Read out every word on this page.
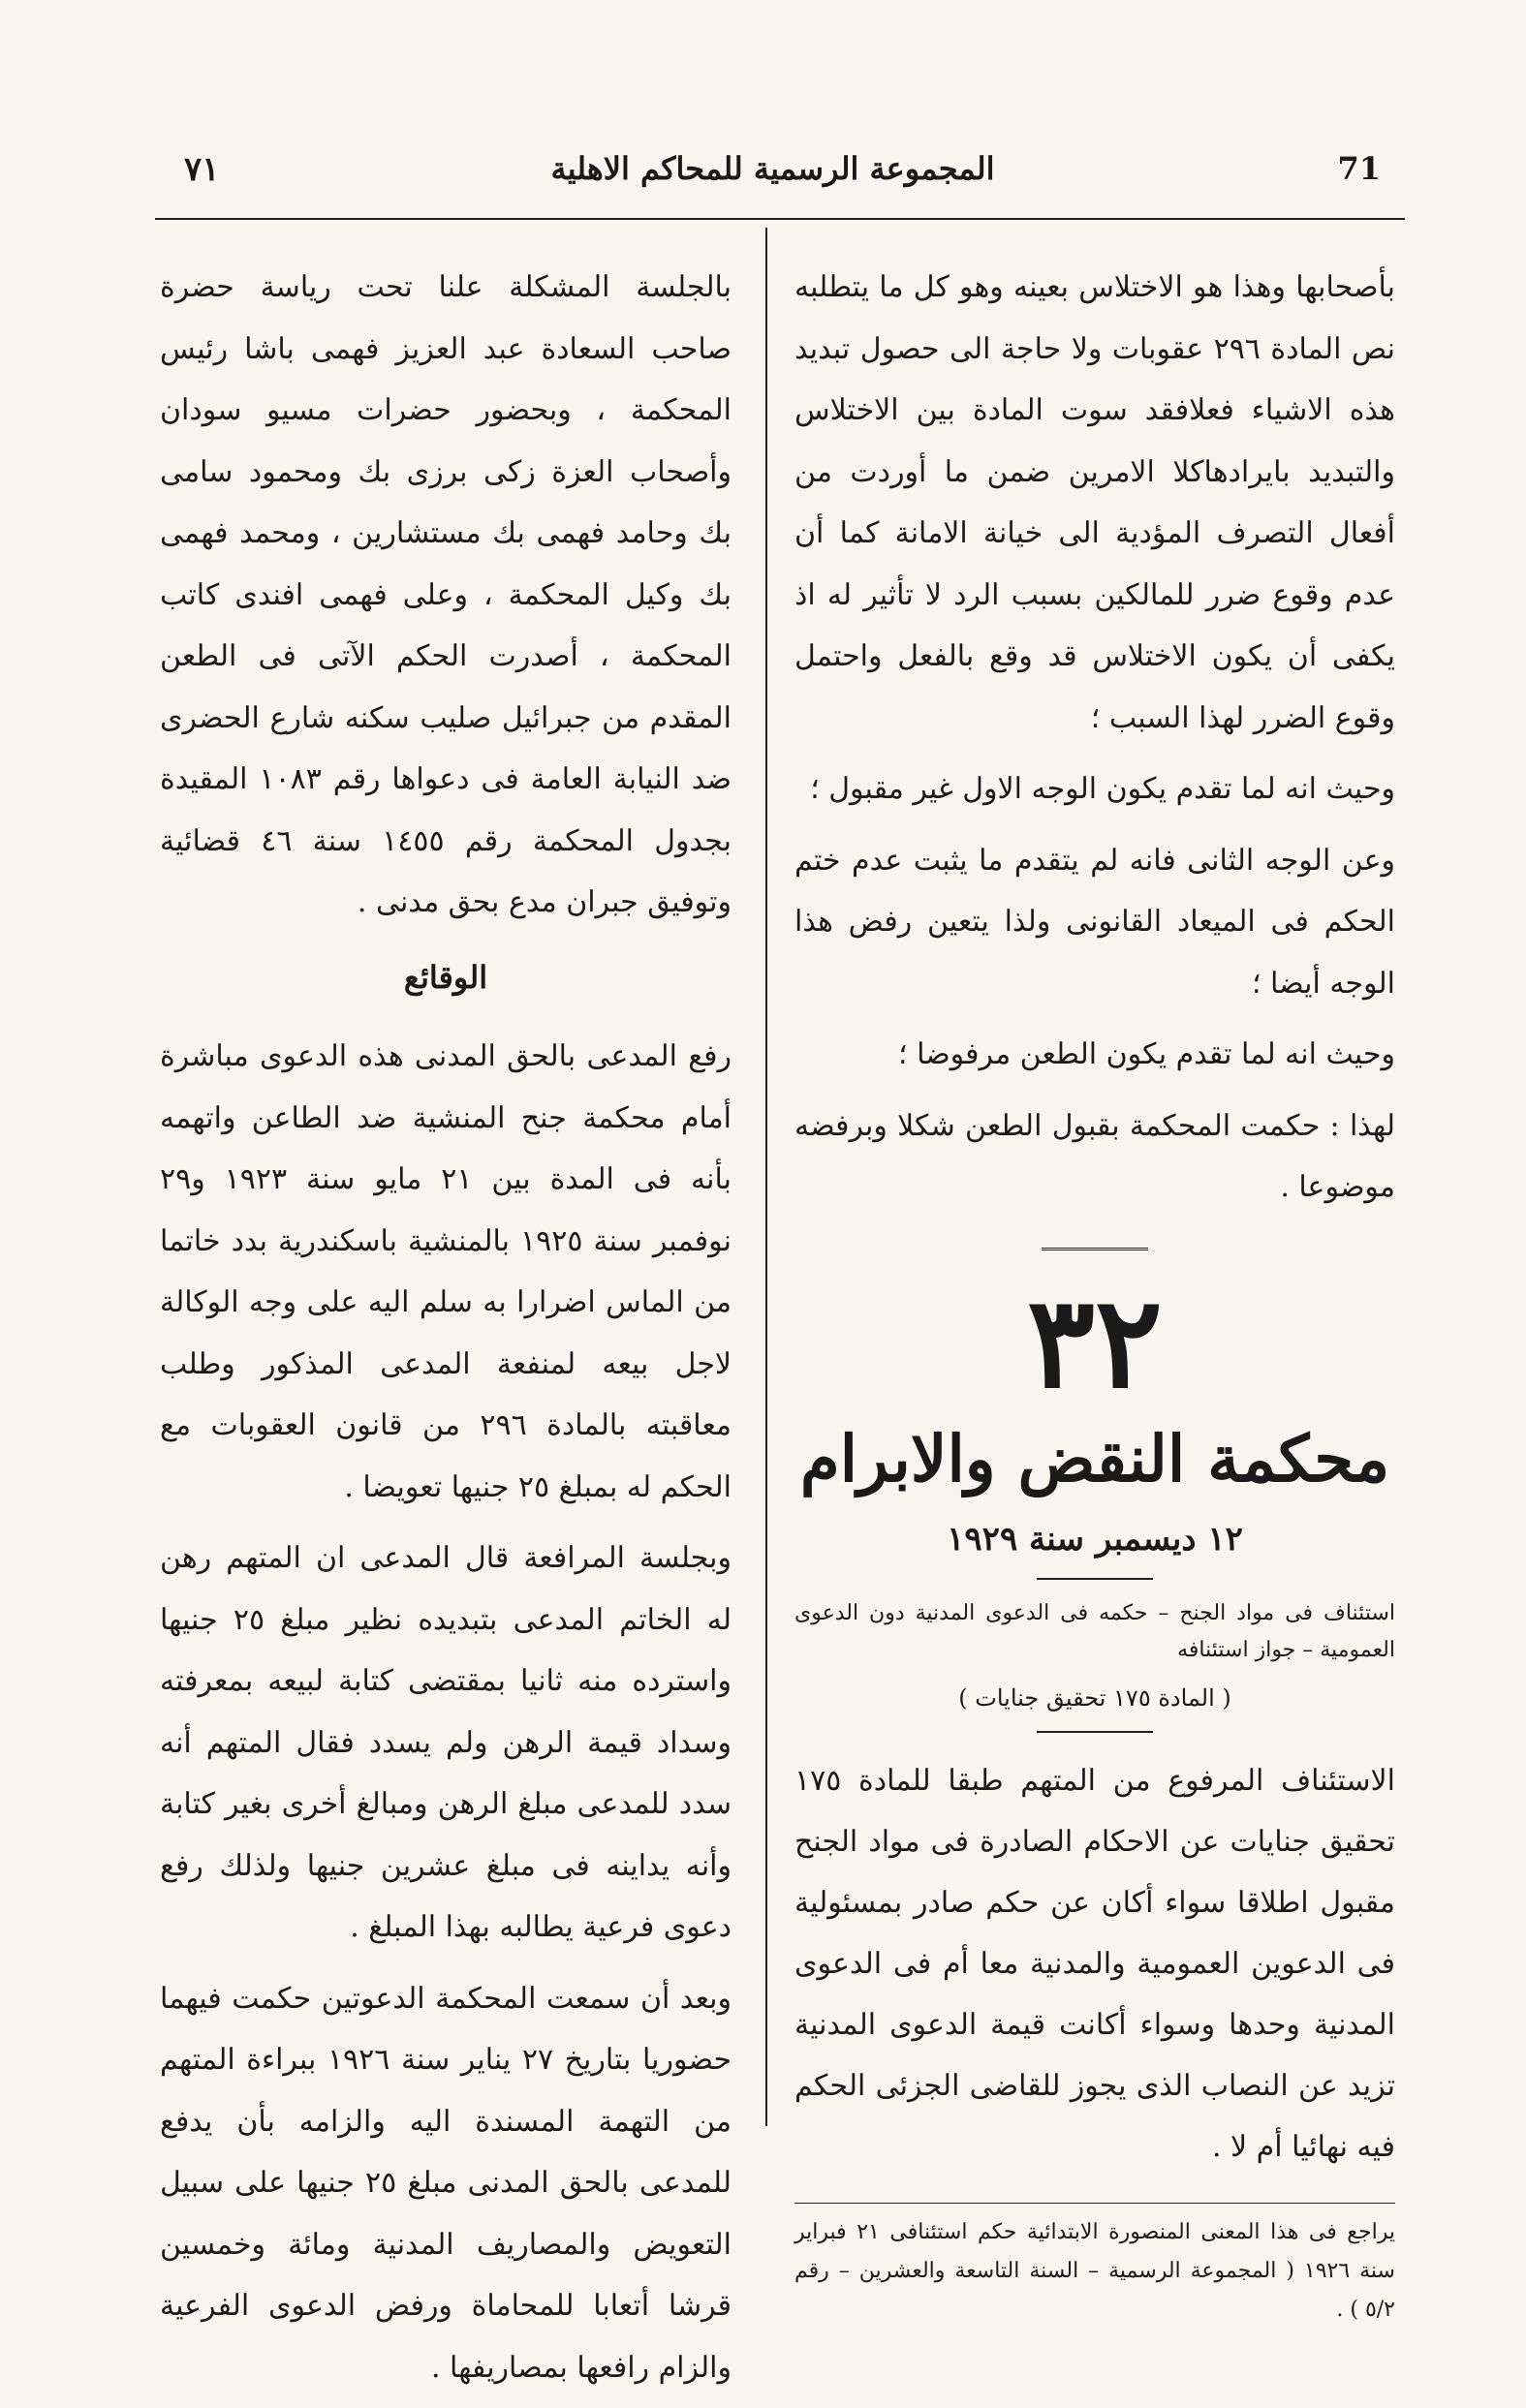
٧١	المجموعة الرسمية للمحاكم الاهلية	71

بأصحابها وهذا هو الاختلاس بعينه وهو كل ما يتطلبه نص المادة ٢٩٦ عقوبات ولا حاجة الى حصول تبديد هذه الاشياء فعلافقد سوت المادة بين الاختلاس والتبديد بايرادهاكلا الامرين ضمن ما أوردت من أفعال التصرف المؤدية الى خيانة الامانة كما أن عدم وقوع ضرر للمالكين بسبب الرد لا تأثير له اذ يكفى أن يكون الاختلاس قد وقع بالفعل واحتمل وقوع الضرر لهذا السبب ؛

وحيث انه لما تقدم يكون الوجه الاول غير مقبول ؛

وعن الوجه الثانى فانه لم يتقدم ما يثبت عدم ختم الحكم فى الميعاد القانونى ولذا يتعين رفض هذا الوجه أيضا ؛

وحيث انه لما تقدم يكون الطعن مرفوضا ؛

لهذا : حكمت المحكمة بقبول الطعن شكلا وبرفضه موضوعا .

٣٢
محكمة النقض والابرام
١٢ ديسمبر سنة ١٩٢٩
استئناف فى مواد الجنح – حكمه فى الدعوى المدنية دون الدعوى العمومية – جواز استئنافه
( المادة ١٧٥ تحقيق جنايات )

الاستئناف المرفوع من المتهم طبقا للمادة ١٧٥ تحقيق جنايات عن الاحكام الصادرة فى مواد الجنح مقبول اطلاقا سواء أكان عن حكم صادر بمسئولية فى الدعوين العمومية والمدنية معا أم فى الدعوى المدنية وحدها وسواء أكانت قيمة الدعوى المدنية تزيد عن النصاب الذى يجوز للقاضى الجزئى الحكم فيه نهائيا أم لا .

يراجع فى هذا المعنى المنصورة الابتدائية حكم استئنافى ٢١ فبراير سنة ١٩٢٦ ( المجموعة الرسمية – السنة التاسعة والعشرين – رقم ٥/٢ ) .

بالجلسة المشكلة علنا تحت رياسة حضرة صاحب السعادة عبد العزيز فهمى باشا رئيس المحكمة ، وبحضور حضرات مسيو سودان وأصحاب العزة زكى برزى بك ومحمود سامى بك وحامد فهمى بك مستشارين ، ومحمد فهمى بك وكيل المحكمة ، وعلى فهمى افندى كاتب المحكمة ، أصدرت الحكم الآتى فى الطعن المقدم من جبرائيل صليب سكنه شارع الحضرى ضد النيابة العامة فى دعواها رقم ١٠٨٣ المقيدة بجدول المحكمة رقم ١٤٥٥ سنة ٤٦ قضائية وتوفيق جبران مدع بحق مدنى .

الوقائع

رفع المدعى بالحق المدنى هذه الدعوى مباشرة أمام محكمة جنح المنشية ضد الطاعن واتهمه بأنه فى المدة بين ٢١ مايو سنة ١٩٢٣ و٢٩ نوفمبر سنة ١٩٢٥ بالمنشية باسكندرية بدد خاتما من الماس اضرارا به سلم اليه على وجه الوكالة لاجل بيعه لمنفعة المدعى المذكور وطلب معاقبته بالمادة ٢٩٦ من قانون العقوبات مع الحكم له بمبلغ ٢٥ جنيها تعويضا .

وبجلسة المرافعة قال المدعى ان المتهم رهن له الخاتم المدعى بتبديده نظير مبلغ ٢٥ جنيها واسترده منه ثانيا بمقتضى كتابة لبيعه بمعرفته وسداد قيمة الرهن ولم يسدد فقال المتهم أنه سدد للمدعى مبلغ الرهن ومبالغ أخرى بغير كتابة وأنه يداينه فى مبلغ عشرين جنيها ولذلك رفع دعوى فرعية يطالبه بهذا المبلغ .

وبعد أن سمعت المحكمة الدعوتين حكمت فيهما حضوريا بتاريخ ٢٧ يناير سنة ١٩٢٦ ببراءة المتهم من التهمة المسندة اليه والزامه بأن يدفع للمدعى بالحق المدنى مبلغ ٢٥ جنيها على سبيل التعويض والمصاريف المدنية ومائة وخمسين قرشا أتعابا للمحاماة ورفض الدعوى الفرعية والزام رافعها بمصاريفها .
